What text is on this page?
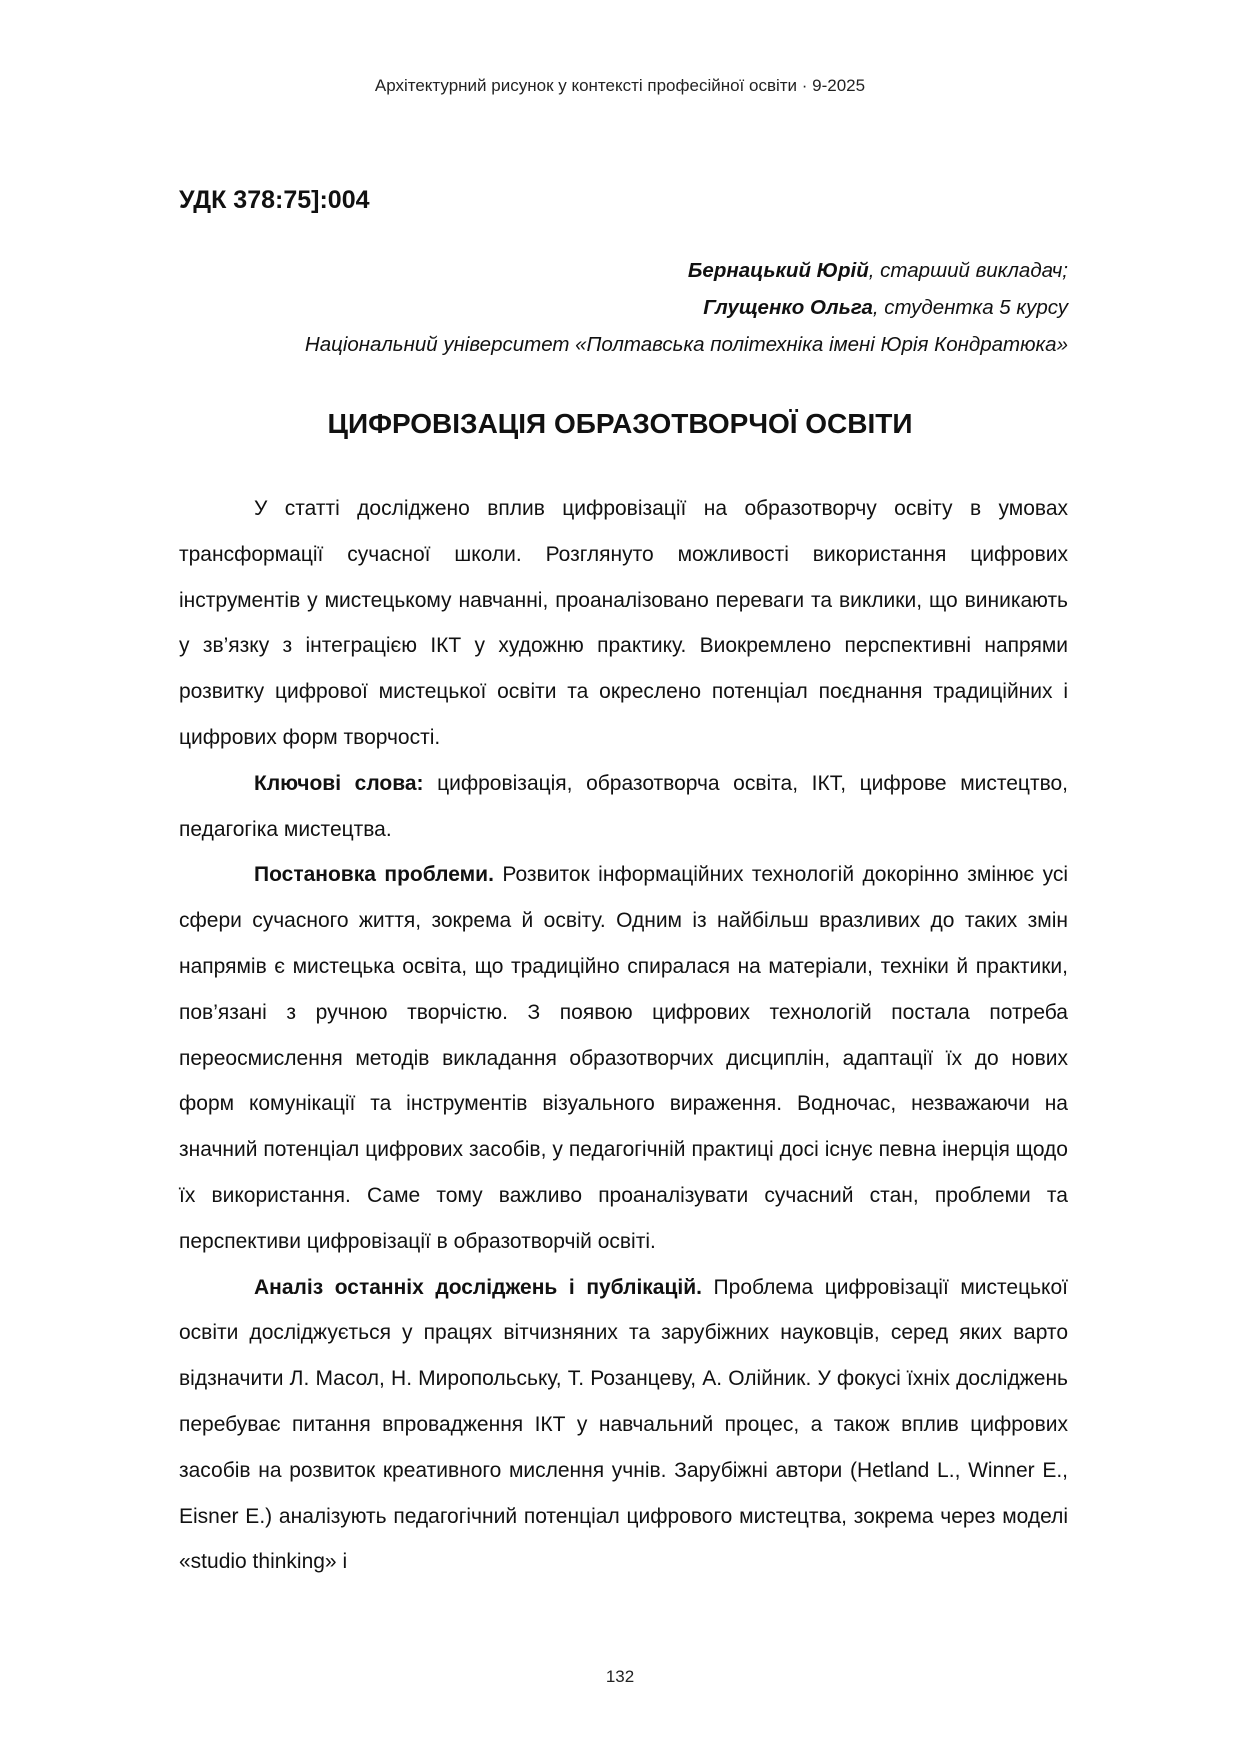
Архітектурний рисунок у контексті професійної освіти · 9-2025
УДК 378:75]:004
Бернацький Юрій, старший викладач;
Глущенко Ольга, студентка 5 курсу
Національний університет «Полтавська політехніка імені Юрія Кондратюка»
ЦИФРОВІЗАЦІЯ ОБРАЗОТВОРЧОЇ ОСВІТИ

У статті досліджено вплив цифровізації на образотворчу освіту в умовах трансформації сучасної школи. Розглянуто можливості використання цифрових інструментів у мистецькому навчанні, проаналізовано переваги та виклики, що виникають у зв’язку з інтеграцією ІКТ у художню практику. Виокремлено перспективні напрями розвитку цифрової мистецької освіти та окреслено потенціал поєднання традиційних і цифрових форм творчості.

Ключові слова: цифровізація, образотворча освіта, ІКТ, цифрове мистецтво, педагогіка мистецтва.

Постановка проблеми. Розвиток інформаційних технологій докорінно змінює усі сфери сучасного життя, зокрема й освіту. Одним із найбільш вразливих до таких змін напрямів є мистецька освіта, що традиційно спиралася на матеріали, техніки й практики, пов’язані з ручною творчістю. З появою цифрових технологій постала потреба переосмислення методів викладання образотворчих дисциплін, адаптації їх до нових форм комунікації та інструментів візуального вираження. Водночас, незважаючи на значний потенціал цифрових засобів, у педагогічній практиці досі існує певна інерція щодо їх використання. Саме тому важливо проаналізувати сучасний стан, проблеми та перспективи цифровізації в образотворчій освіті.

Аналіз останніх досліджень і публікацій. Проблема цифровізації мистецької освіти досліджується у працях вітчизняних та зарубіжних науковців, серед яких варто відзначити Л. Масол, Н. Миропольську, Т. Розанцеву, А. Олійник. У фокусі їхніх досліджень перебуває питання впровадження ІКТ у навчальний процес, а також вплив цифрових засобів на розвиток креативного мислення учнів. Зарубіжні автори (Hetland L., Winner E., Eisner E.) аналізують педагогічний потенціал цифрового мистецтва, зокрема через моделі «studio thinking» і

132
